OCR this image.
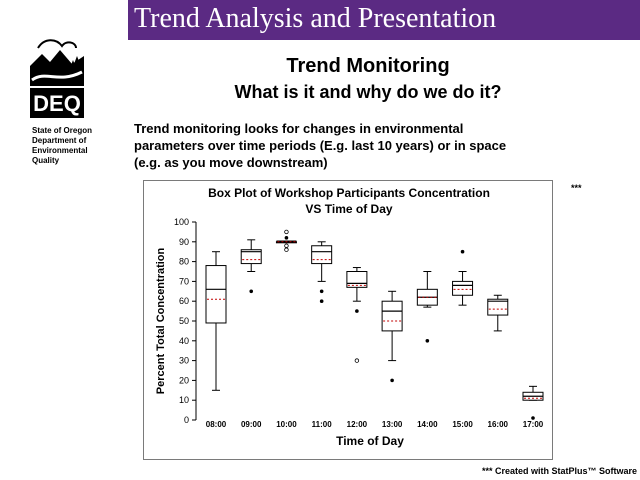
Trend Analysis and Presentation
DEQ
State of Oregon
Department of
Environmental
Quality
Trend Monitoring
What is it and why do we do it?
Trend monitoring looks for changes in environmental
parameters over time periods (E.g. last 10 years) or in space
(e.g. as you move downstream)
Box Plot of Workshop Participants Concentration
VS Time of Day
Time of Day
Percent Total Concentration
0
10
20
30
40
50
60
70
80
90
100
08:00 09:00 10:00 11:00 12:00 13:00 14:00 15:00 16:00 17:00
***
*** Created with StatPlus™ Software
